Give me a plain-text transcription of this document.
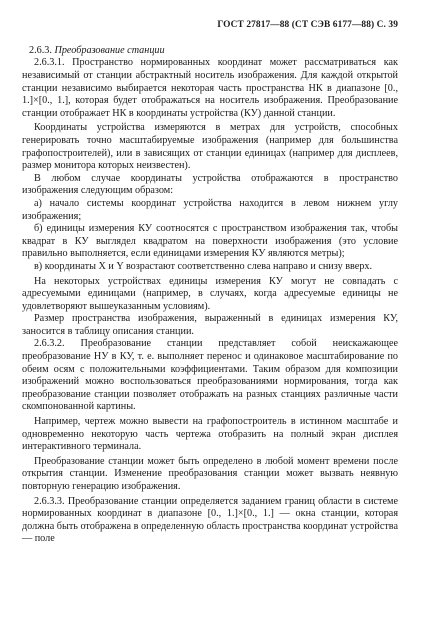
ГОСТ 27817—88 (СТ СЭВ 6177—88) С. 39
2.6.3. Преобразование станции

2.6.3.1. Пространство нормированных координат может рассматриваться как независимый от станции абстрактный носитель изображения. Для каждой открытой станции независимо выбирается некоторая часть пространства НК в диапазоне [0., 1.]×[0., 1.], которая будет отображаться на носитель изображения. Преобразование станции отображает НК в координаты устройства (КУ) данной станции.

Координаты устройства измеряются в метрах для устройств, способных генерировать точно масштабируемые изображения (например для большинства графопостроителей), или в зависящих от станции единицах (например для дисплеев, размер монитора которых неизвестен).

В любом случае координаты устройства отображаются в пространство изображения следующим образом:

а) начало системы координат устройства находится в левом нижнем углу изображения;

б) единицы измерения КУ соотносятся с пространством изображения так, чтобы квадрат в КУ выглядел квадратом на поверхности изображения (это условие правильно выполняется, если единицами измерения КУ являются метры);

в) координаты X и Y возрастают соответственно слева направо и снизу вверх.

На некоторых устройствах единицы измерения КУ могут не совпадать с адресуемыми единицами (например, в случаях, когда адресуемые единицы не удовлетворяют вышеуказанным условиям).

Размер пространства изображения, выраженный в единицах измерения КУ, заносится в таблицу описания станции.

2.6.3.2. Преобразование станции представляет собой неискажающее преобразование НУ в КУ, т. е. выполняет перенос и одинаковое масштабирование по обеим осям с положительными коэффициентами. Таким образом для композиции изображений можно воспользоваться преобразованиями нормирования, тогда как преобразование станции позволяет отображать на разных станциях различные части скомпонованной картины.

Например, чертеж можно вывести на графопостроитель в истинном масштабе и одновременно некоторую часть чертежа отобразить на полный экран дисплея интерактивного терминала.

Преобразование станции может быть определено в любой момент времени после открытия станции. Изменение преобразования станции может вызвать неявную повторную генерацию изображения.

2.6.3.3. Преобразование станции определяется заданием границ области в системе нормированных координат в диапазоне [0., 1.]×[0., 1.] — окна станции, которая должна быть отображена в определенную область пространства координат устройства — поле
